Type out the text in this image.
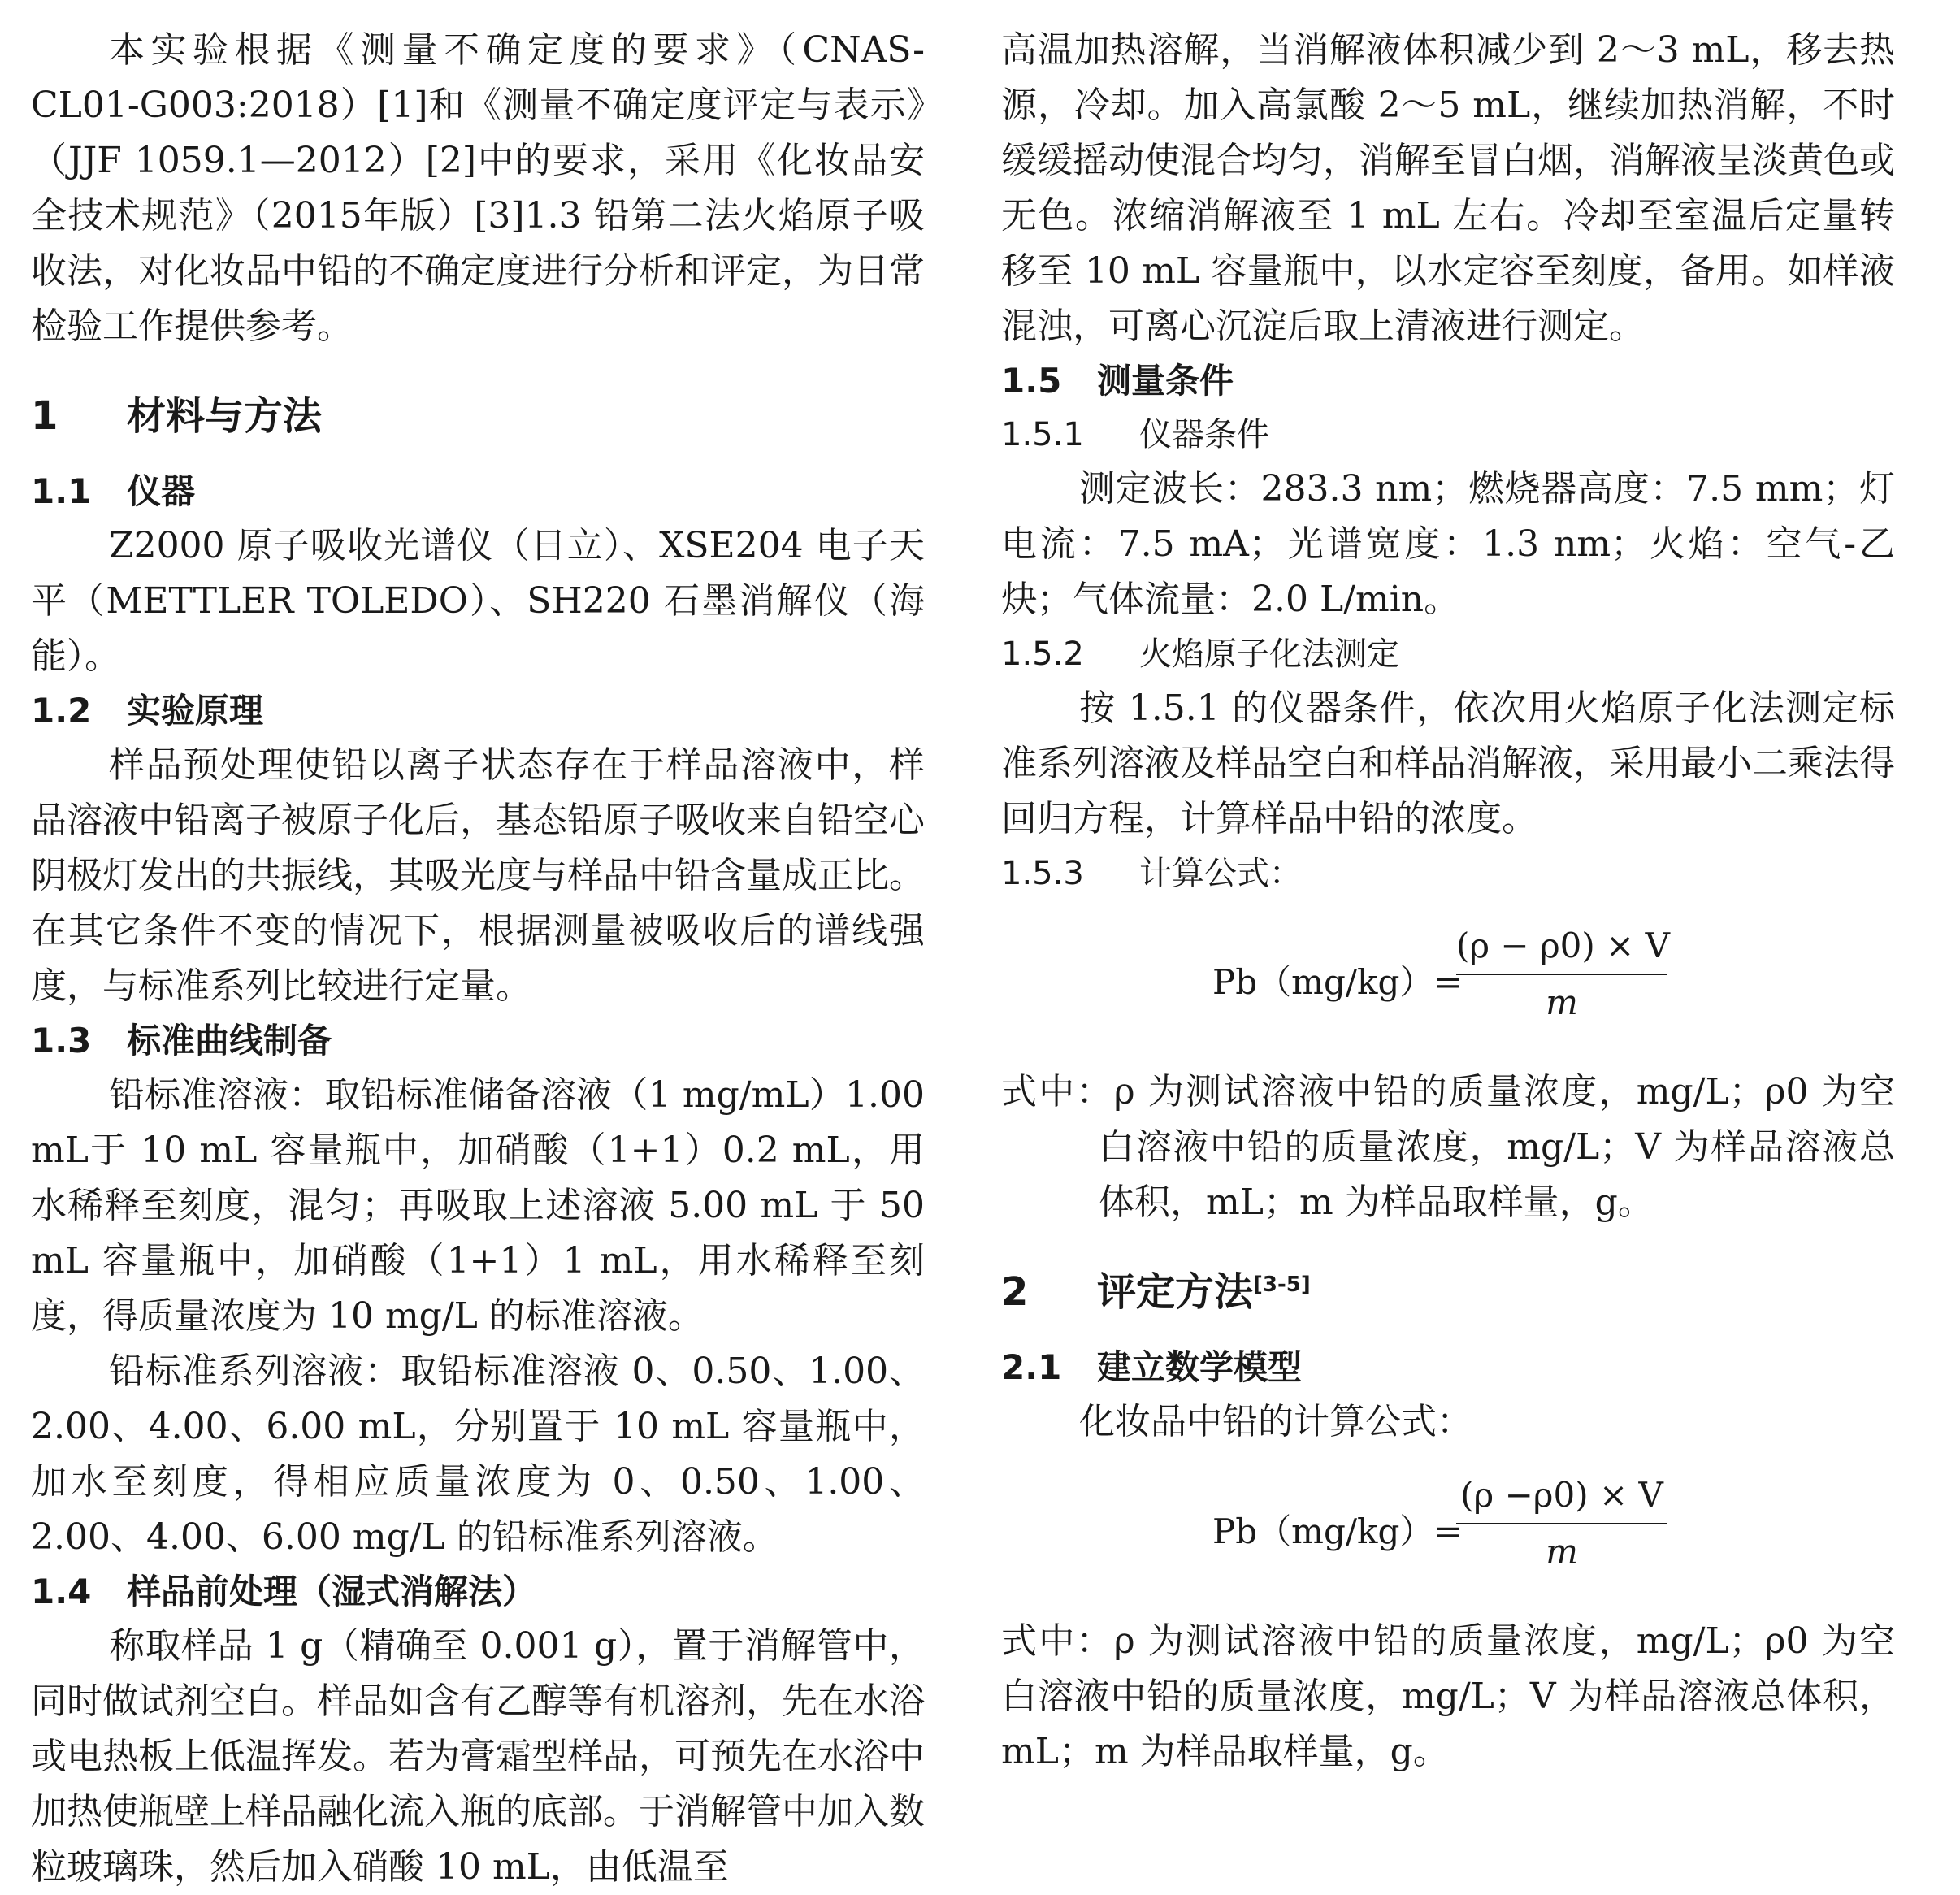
本实验根据《测量不确定度的要求》（CNAS-CL01-G003:2018）[1]和《测量不确定度评定与表示》（JJF 1059.1—2012）[2]中的要求，采用《化妆品安全技术规范》（2015年版）[3]1.3 铅第二法火焰原子吸收法，对化妆品中铅的不确定度进行分析和评定，为日常检验工作提供参考。

1 材料与方法
1.1 仪器

Z2000 原子吸收光谱仪（日立）、XSE204 电子天平（METTLER TOLEDO）、SH220 石墨消解仪（海能）。

1.2 实验原理

样品预处理使铅以离子状态存在于样品溶液中，样品溶液中铅离子被原子化后，基态铅原子吸收来自铅空心阴极灯发出的共振线，其吸光度与样品中铅含量成正比。在其它条件不变的情况下，根据测量被吸收后的谱线强度，与标准系列比较进行定量。

1.3 标准曲线制备

铅标准溶液：取铅标准储备溶液（1 mg/mL）1.00 mL于 10 mL 容量瓶中，加硝酸（1+1）0.2 mL，用水稀释至刻度，混匀；再吸取上述溶液 5.00 mL 于 50 mL 容量瓶中，加硝酸（1+1）1 mL，用水稀释至刻度，得质量浓度为 10 mg/L 的标准溶液。

铅标准系列溶液：取铅标准溶液 0、0.50、1.00、2.00、4.00、6.00 mL，分别置于 10 mL 容量瓶中，加水至刻度，得相应质量浓度为 0、0.50、1.00、2.00、4.00、6.00 mg/L 的铅标准系列溶液。

1.4 样品前处理（湿式消解法）

称取样品 1 g（精确至 0.001 g），置于消解管中，同时做试剂空白。样品如含有乙醇等有机溶剂，先在水浴或电热板上低温挥发。若为膏霜型样品，可预先在水浴中加热使瓶壁上样品融化流入瓶的底部。于消解管中加入数粒玻璃珠，然后加入硝酸 10 mL，由低温至

高温加热溶解，当消解液体积减少到 2～3 mL，移去热源，冷却。加入高氯酸 2～5 mL，继续加热消解，不时缓缓摇动使混合均匀，消解至冒白烟，消解液呈淡黄色或无色。浓缩消解液至 1 mL 左右。冷却至室温后定量转移至 10 mL 容量瓶中，以水定容至刻度，备用。如样液混浊，可离心沉淀后取上清液进行测定。

1.5 测量条件
1.5.1 仪器条件

测定波长：283.3 nm；燃烧器高度：7.5 mm；灯电流：7.5 mA；光谱宽度：1.3 nm；火焰：空气-乙炔；气体流量：2.0 L/min。

1.5.2 火焰原子化法测定

按 1.5.1 的仪器条件，依次用火焰原子化法测定标准系列溶液及样品空白和样品消解液，采用最小二乘法得回归方程，计算样品中铅的浓度。

1.5.3 计算公式：
Pb（mg/kg）=
(ρ − ρ0) × V
m

式中：ρ 为测试溶液中铅的质量浓度，mg/L；ρ0 为空白溶液中铅的质量浓度，mg/L；V 为样品溶液总体积，mL；m 为样品取样量，g。

2 评定方法[3-5]
2.1 建立数学模型

化妆品中铅的计算公式：

Pb（mg/kg）=
(ρ −ρ0) × V
m

式中：ρ 为测试溶液中铅的质量浓度，mg/L；ρ0 为空白溶液中铅的质量浓度，mg/L；V 为样品溶液总体积，mL；m 为样品取样量，g。
